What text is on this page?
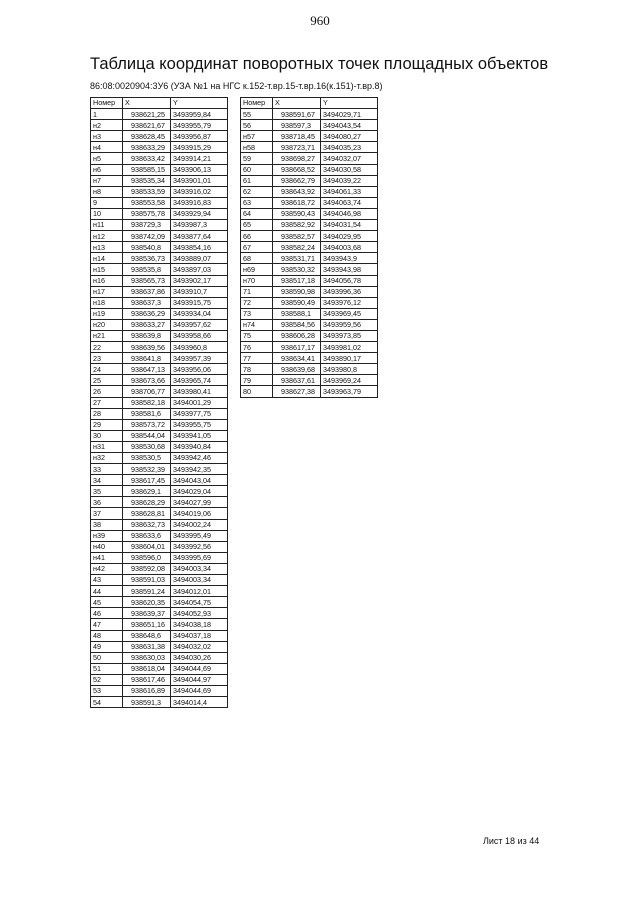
960
Таблица координат поворотных точек площадных объектов
86:08:0020904:3У6 (УЗА №1 на НГС к.152-т.вр.15-т.вр.16(к.151)-т.вр.8)
Номер	X	Y
1	938621,25	3493959,84
н2	938621,67	3493955,79
н3	938628,45	3493956,87
н4	938633,29	3493915,29
н5	938633,42	3493914,21
н6	938585,15	3493906,13
н7	938535,34	3493901,01
н8	938533,59	3493916,02
9	938553,58	3493916,83
10	938575,78	3493929,94
н11	938729,3	3493987,3
н12	938742,09	3493877,64
н13	938540,8	3493854,16
н14	938536,73	3493889,07
н15	938535,8	3493897,03
н16	938565,73	3493902,17
н17	938637,86	3493910,7
н18	938637,3	3493915,75
н19	938636,29	3493934,04
н20	938633,27	3493957,62
н21	938639,8	3493958,66
22	938639,56	3493960,8
23	938641,8	3493957,39
24	938647,13	3493956,06
25	938673,66	3493965,74
26	938706,77	3493980,41
27	938582,18	3494001,29
28	938581,6	3493977,75
29	938573,72	3493955,75
30	938544,04	3493941,05
н31	938530,68	3493940,84
н32	938530,5	3493942,46
33	938532,39	3493942,35
34	938617,45	3494043,04
35	938629,1	3494029,04
36	938628,29	3494027,99
37	938628,81	3494019,06
38	938632,73	3494002,24
н39	938633,6	3493995,49
н40	938604,01	3493992,56
н41	938596,0	3493995,69
н42	938592,08	3494003,34
43	938591,03	3494003,34
44	938591,24	3494012,01
45	938620,35	3494054,75
46	938639,37	3494052,93
47	938651,16	3494038,18
48	938648,6	3494037,18
49	938631,38	3494032,02
50	938630,03	3494030,26
51	938618,04	3494044,69
52	938617,46	3494044,97
53	938616,89	3494044,69
54	938591,3	3494014,4
Номер	X	Y
55	938591,67	3494029,71
56	938597,3	3494043,54
н57	938718,45	3494080,27
н58	938723,71	3494035,23
59	938698,27	3494032,07
60	938668,52	3494030,58
61	938662,79	3494039,22
62	938643,92	3494061,33
63	938618,72	3494063,74
64	938590,43	3494046,98
65	938582,92	3494031,54
66	938582,57	3494029,95
67	938582,24	3494003,68
68	938531,71	3493943,9
н69	938530,32	3493943,98
н70	938517,18	3494056,78
71	938590,98	3493996,36
72	938590,49	3493976,12
73	938588,1	3493969,45
н74	938584,56	3493959,56
75	938606,28	3493973,85
76	938617,17	3493981,02
77	938634,41	3493890,17
78	938639,68	3493980,8
79	938637,61	3493969,24
80	938627,38	3493963,79
Лист 18 из 44
